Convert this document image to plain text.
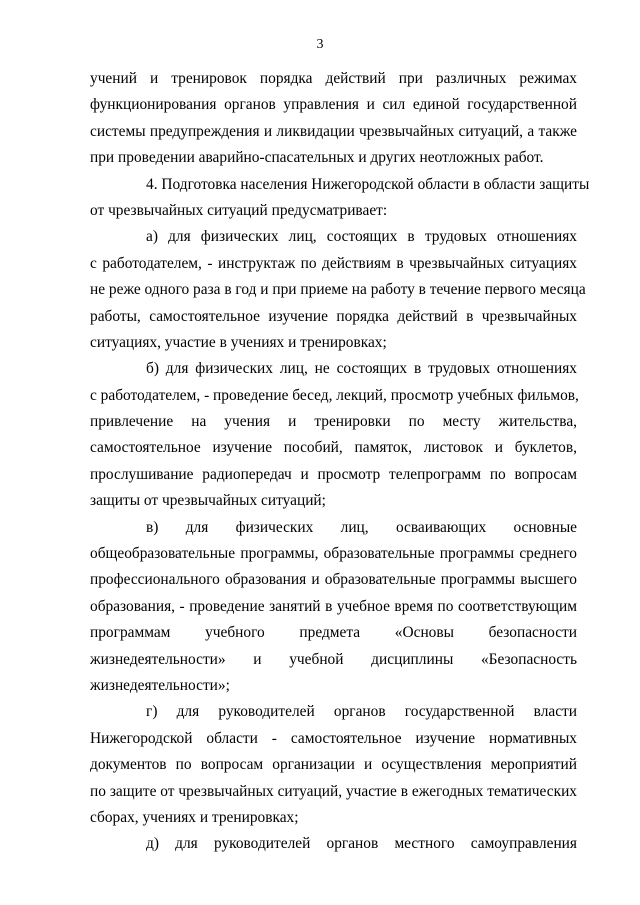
3
учений и тренировок порядка действий при различных режимах
функционирования органов управления и сил единой государственной
системы предупреждения и ликвидации чрезвычайных ситуаций, а также
при проведении аварийно-спасательных и других неотложных работ.
4. Подготовка населения Нижегородской области в области защиты
от чрезвычайных ситуаций предусматривает:
а) для физических лиц, состоящих в трудовых отношениях
с работодателем, - инструктаж по действиям в чрезвычайных ситуациях
не реже одного раза в год и при приеме на работу в течение первого месяца
работы, самостоятельное изучение порядка действий в чрезвычайных
ситуациях, участие в учениях и тренировках;
б) для физических лиц, не состоящих в трудовых отношениях
с работодателем, - проведение бесед, лекций, просмотр учебных фильмов,
привлечение на учения и тренировки по месту жительства,
самостоятельное изучение пособий, памяток, листовок и буклетов,
прослушивание радиопередач и просмотр телепрограмм по вопросам
защиты от чрезвычайных ситуаций;
в) для физических лиц, осваивающих основные
общеобразовательные программы, образовательные программы среднего
профессионального образования и образовательные программы высшего
образования, - проведение занятий в учебное время по соответствующим
программам учебного предмета «Основы безопасности
жизнедеятельности» и учебной дисциплины «Безопасность
жизнедеятельности»;
г) для руководителей органов государственной власти
Нижегородской области - самостоятельное изучение нормативных
документов по вопросам организации и осуществления мероприятий
по защите от чрезвычайных ситуаций, участие в ежегодных тематических
сборах, учениях и тренировках;
д) для руководителей органов местного самоуправления
